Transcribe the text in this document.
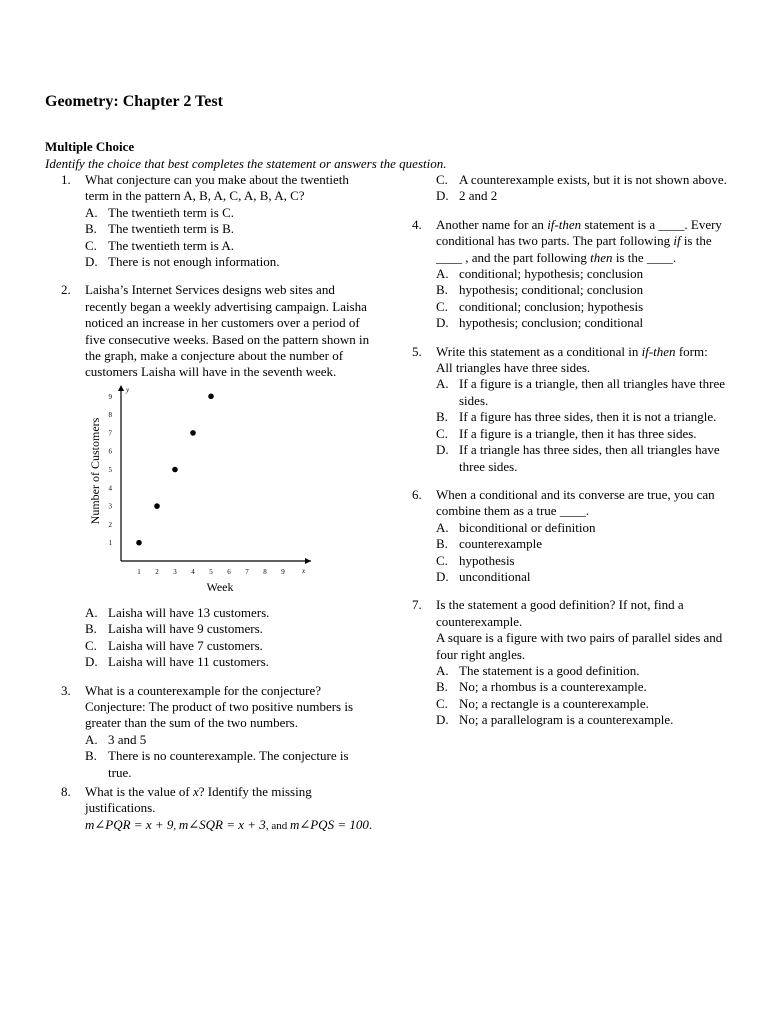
Geometry: Chapter 2 Test
Multiple Choice
Identify the choice that best completes the statement or answers the question.
1. What conjecture can you make about the twentieth term in the pattern A, B, A, C, A, B, A, C?
A. The twentieth term is C.
B. The twentieth term is B.
C. The twentieth term is A.
D. There is not enough information.
2. Laisha’s Internet Services designs web sites and recently began a weekly advertising campaign. Laisha noticed an increase in her customers over a period of five consecutive weeks. Based on the pattern shown in the graph, make a conjecture about the number of customers Laisha will have in the seventh week.
y
x
Number of Customers
Week
1 2 3 4 5 6 7 8 9
1
2
3
4
5
6
7
8
9
A. Laisha will have 13 customers.
B. Laisha will have 9 customers.
C. Laisha will have 7 customers.
D. Laisha will have 11 customers.
3. What is a counterexample for the conjecture? Conjecture: The product of two positive numbers is greater than the sum of the two numbers.
A. 3 and 5
B. There is no counterexample. The conjecture is true.
8. What is the value of x? Identify the missing justifications.
m∠PQR = x + 9, m∠SQR = x + 3, and m∠PQS = 100.
C. A counterexample exists, but it is not shown above.
D. 2 and 2
4. Another name for an if-then statement is a ____. Every conditional has two parts. The part following if is the ____ , and the part following then is the ____.
A. conditional; hypothesis; conclusion
B. hypothesis; conditional; conclusion
C. conditional; conclusion; hypothesis
D. hypothesis; conclusion; conditional
5. Write this statement as a conditional in if-then form:
All triangles have three sides.
A. If a figure is a triangle, then all triangles have three sides.
B. If a figure has three sides, then it is not a triangle.
C. If a figure is a triangle, then it has three sides.
D. If a triangle has three sides, then all triangles have three sides.
6. When a conditional and its converse are true, you can combine them as a true ____.
A. biconditional or definition
B. counterexample
C. hypothesis
D. unconditional
7. Is the statement a good definition? If not, find a counterexample.
A square is a figure with two pairs of parallel sides and four right angles.
A. The statement is a good definition.
B. No; a rhombus is a counterexample.
C. No; a rectangle is a counterexample.
D. No; a parallelogram is a counterexample.
